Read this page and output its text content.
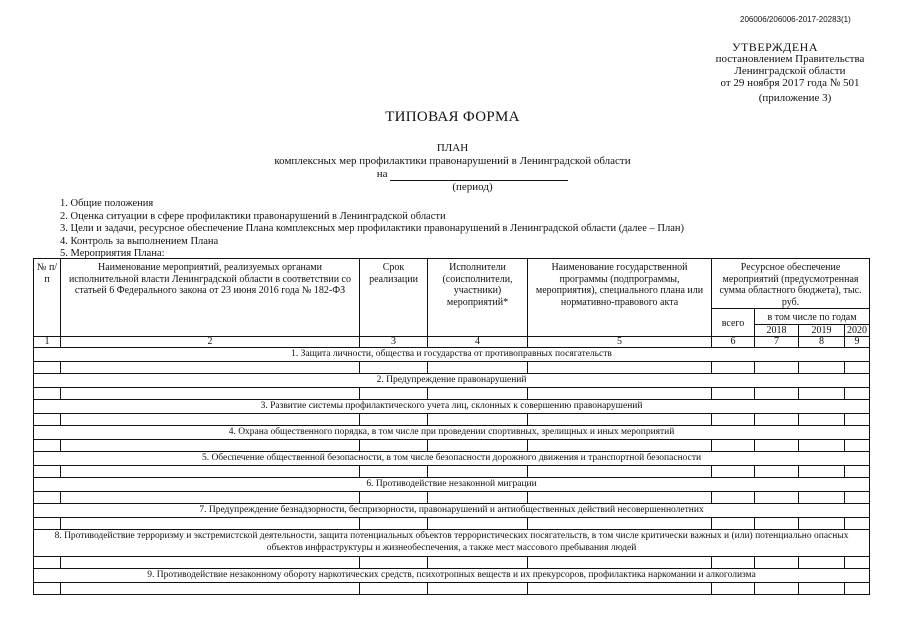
206006/206006-2017-20283(1)
УТВЕРЖДЕНА
постановлением Правительства
Ленинградской области
от 29 ноября 2017 года № 501
(приложение 3)
ТИПОВАЯ ФОРМА
ПЛАН
комплексных мер профилактики правонарушений в Ленинградской области
на
(период)
1. Общие положения
2. Оценка ситуации в сфере профилактики правонарушений в Ленинградской области
3. Цели и задачи, ресурсное обеспечение Плана комплексных мер профилактики правонарушений в Ленинградской области (далее – План)
4. Контроль за выполнением Плана
5. Мероприятия Плана:
№ п/п	Наименование мероприятий, реализуемых органами исполнительной власти Ленинградской области в соответствии со статьей 6 Федерального закона от 23 июня 2016 года № 182-ФЗ	Срок реализации	Исполнители (соисполнители, участники) мероприятий*	Наименование государственной программы (подпрограммы, мероприятия), специального плана или нормативно-правового акта	Ресурсное обеспечение мероприятий (предусмотренная сумма областного бюджета), тыс. руб.			
					всего	в том числе по годам		
						2018	2019	2020
1	2	3	4	5	6	7	8	9
1. Защита личности, общества и государства от противоправных посягательств								

2. Предупреждение правонарушений								

3. Развитие системы профилактического учета лиц, склонных к совершению правонарушений								

4. Охрана общественного порядка, в том числе при проведении спортивных, зрелищных и иных мероприятий								

5. Обеспечение общественной безопасности, в том числе безопасности дорожного движения и транспортной безопасности								

6. Противодействие незаконной миграции								

7. Предупреждение безнадзорности, беспризорности, правонарушений и антиобщественных действий несовершеннолетних								

8. Противодействие терроризму и экстремистской деятельности, защита потенциальных объектов террористических посягательств, в том числе критически важных и (или) потенциально опасных объектов инфраструктуры и жизнеобеспечения, а также мест массового пребывания людей								

9. Противодействие незаконному обороту наркотических средств, психотропных веществ и их прекурсоров, профилактика наркомании и алкоголизма								
